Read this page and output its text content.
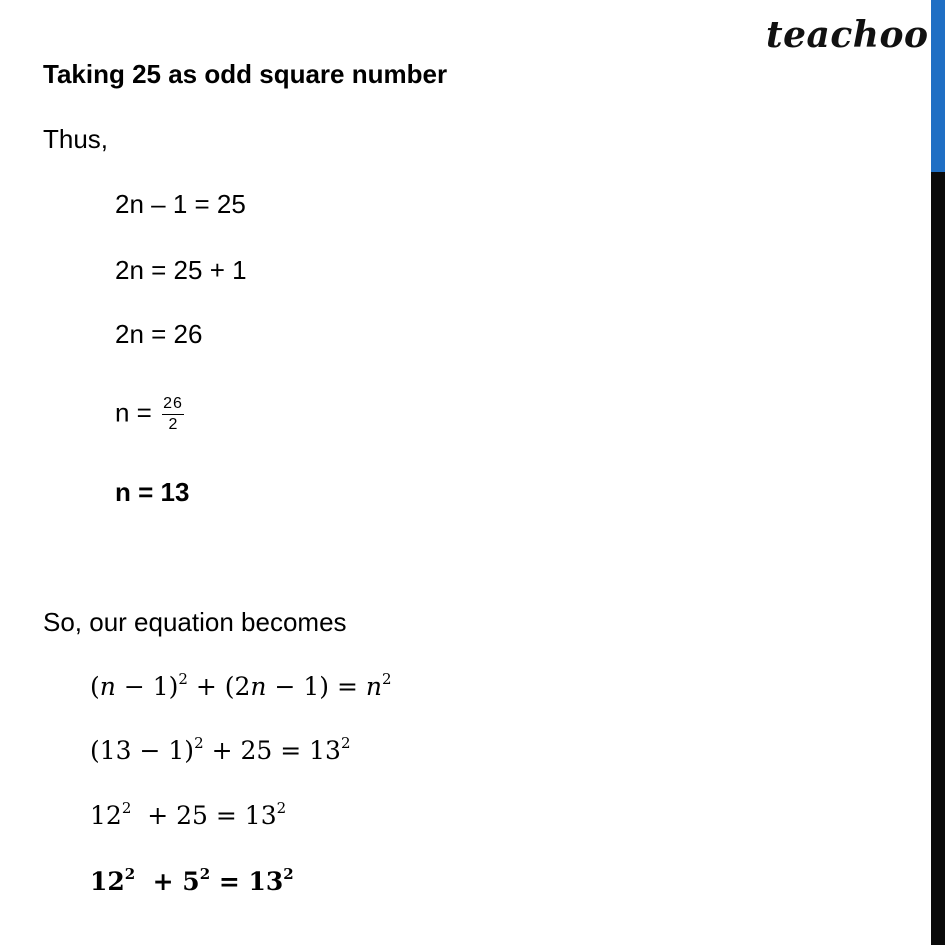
teachoo
Taking 25 as odd square number
Thus,
2n – 1 = 25
2n = 25 + 1
2n = 26
$n = \frac{26}{2}$
n = 13
So, our equation becomes
$(n - 1)^2 + (2n - 1) = n^2$
$(13 - 1)^2 + 25 = 13^2$
$12^2 + 25 = 13^2$
$12^2 + 5^2 = 13^2$
